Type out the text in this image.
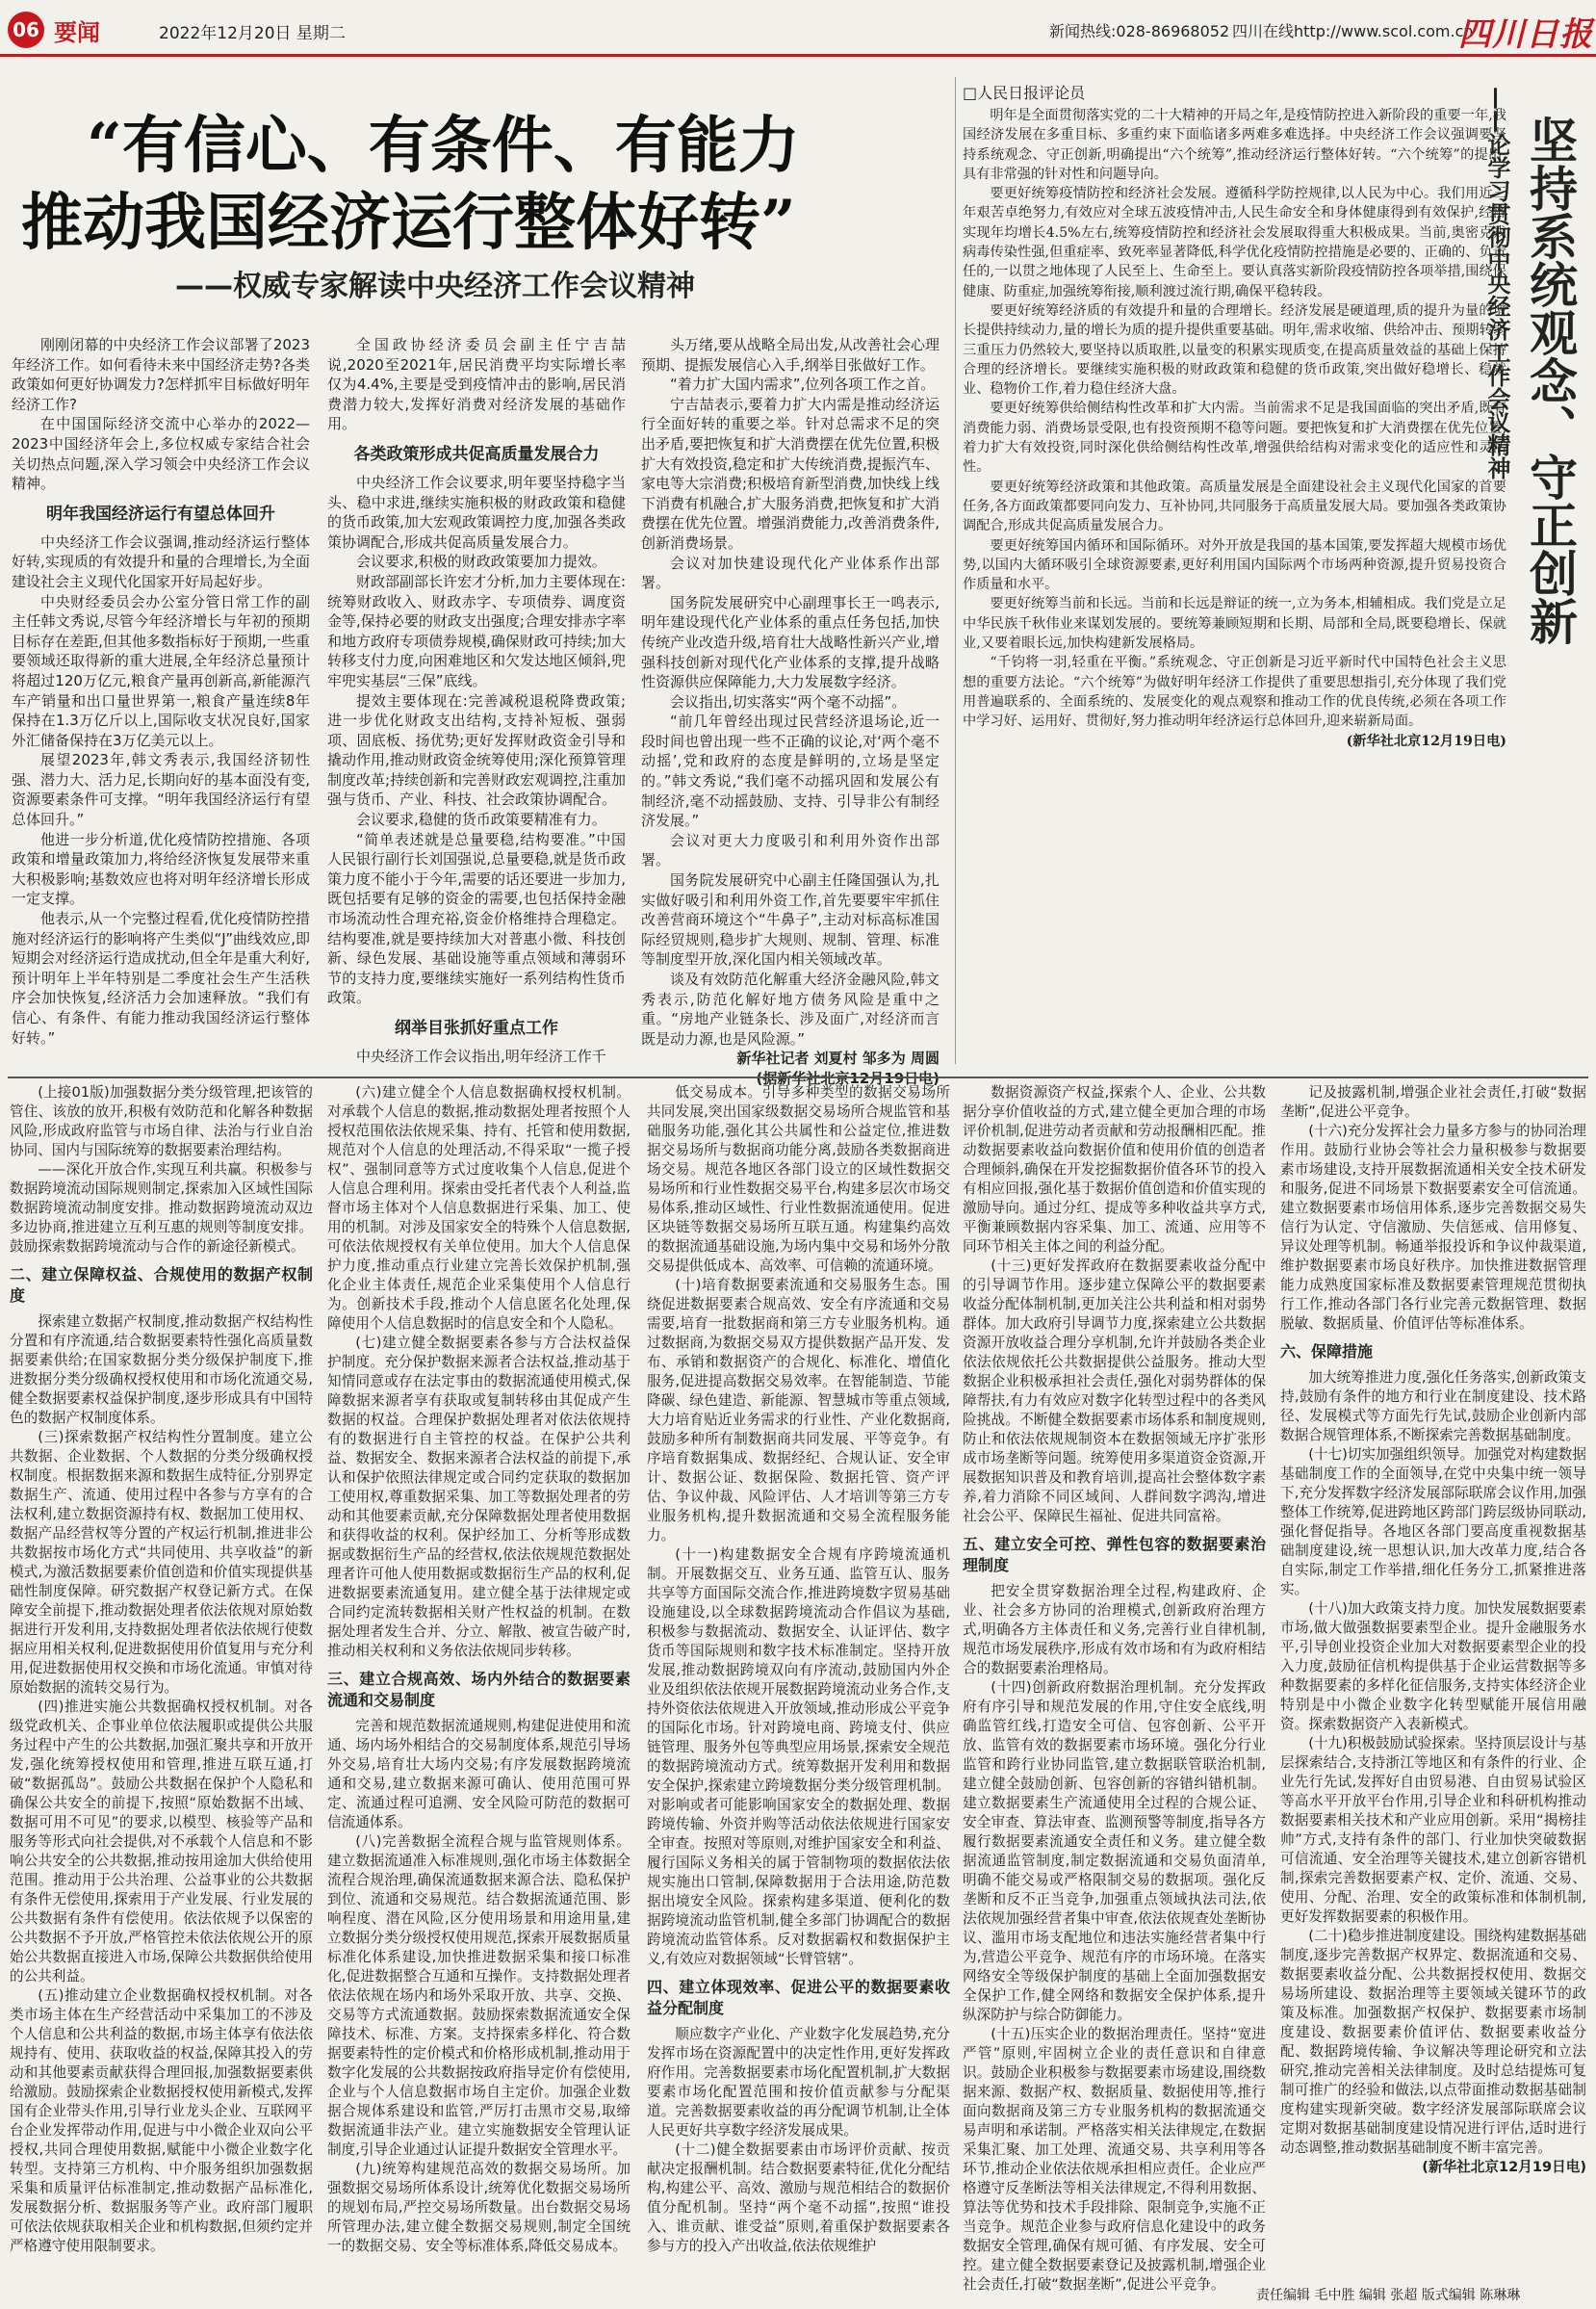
06 要闻	2022年12月20日 星期二	新闻热线:028-86968052 四川在线http://www.scol.com.cn
四川日报
“有信心、有条件、有能力
推动我国经济运行整体好转”
——权威专家解读中央经济工作会议精神

刚刚闭幕的中央经济工作会议部署了2023年经济工作。如何看待未来中国经济走势?各类政策如何更好协调发力?怎样抓牢目标做好明年经济工作?

在中国国际经济交流中心举办的2022—2023中国经济年会上,多位权威专家结合社会关切热点问题,深入学习领会中央经济工作会议精神。

明年我国经济运行有望总体回升

中央经济工作会议强调,推动经济运行整体好转,实现质的有效提升和量的合理增长,为全面建设社会主义现代化国家开好局起好步。

中央财经委员会办公室分管日常工作的副主任韩文秀说,尽管今年经济增长与年初的预期目标存在差距,但其他多数指标好于预期,一些重要领域还取得新的重大进展,全年经济总量预计将超过120万亿元,粮食产量再创新高,新能源汽车产销量和出口量世界第一,粮食产量连续8年保持在1.3万亿斤以上,国际收支状况良好,国家外汇储备保持在3万亿美元以上。

展望2023年,韩文秀表示,我国经济韧性强、潜力大、活力足,长期向好的基本面没有变,资源要素条件可支撑。“明年我国经济运行有望总体回升。”

他进一步分析道,优化疫情防控措施、各项政策和增量政策加力,将给经济恢复发展带来重大积极影响;基数效应也将对明年经济增长形成一定支撑。

他表示,从一个完整过程看,优化疫情防控措施对经济运行的影响将产生类似“J”曲线效应,即短期会对经济运行造成扰动,但全年是重大利好,预计明年上半年特别是二季度社会生产生活秩序会加快恢复,经济活力会加速释放。“我们有信心、有条件、有能力推动我国经济运行整体好转。”

全国政协经济委员会副主任宁吉喆说,2020至2021年,居民消费平均实际增长率仅为4.4%,主要是受到疫情冲击的影响,居民消费潜力较大,发挥好消费对经济发展的基础作用。

各类政策形成共促高质量发展合力

中央经济工作会议要求,明年要坚持稳字当头、稳中求进,继续实施积极的财政政策和稳健的货币政策,加大宏观政策调控力度,加强各类政策协调配合,形成共促高质量发展合力。

会议要求,积极的财政政策要加力提效。

财政部副部长许宏才分析,加力主要体现在:统筹财政收入、财政赤字、专项债券、调度资金等,保持必要的财政支出强度;合理安排赤字率和地方政府专项债券规模,确保财政可持续;加大转移支付力度,向困难地区和欠发达地区倾斜,兜牢兜实基层“三保”底线。

提效主要体现在:完善减税退税降费政策;进一步优化财政支出结构,支持补短板、强弱项、固底板、扬优势;更好发挥财政资金引导和撬动作用,推动财政资金统筹使用;深化预算管理制度改革;持续创新和完善财政宏观调控,注重加强与货币、产业、科技、社会政策协调配合。

会议要求,稳健的货币政策要精准有力。

“简单表述就是总量要稳,结构要准。”中国人民银行副行长刘国强说,总量要稳,就是货币政策力度不能小于今年,需要的话还要进一步加力,既包括要有足够的资金的需要,也包括保持金融市场流动性合理充裕,资金价格维持合理稳定。结构要准,就是要持续加大对普惠小微、科技创新、绿色发展、基础设施等重点领域和薄弱环节的支持力度,要继续实施好一系列结构性货币政策。

纲举目张抓好重点工作

中央经济工作会议指出,明年经济工作千

头万绪,要从战略全局出发,从改善社会心理预期、提振发展信心入手,纲举目张做好工作。

“着力扩大国内需求”,位列各项工作之首。

宁吉喆表示,要着力扩大内需是推动经济运行全面好转的重要之举。针对总需求不足的突出矛盾,要把恢复和扩大消费摆在优先位置,积极扩大有效投资,稳定和扩大传统消费,提振汽车、家电等大宗消费;积极培育新型消费,加快线上线下消费有机融合,扩大服务消费,把恢复和扩大消费摆在优先位置。增强消费能力,改善消费条件,创新消费场景。

会议对加快建设现代化产业体系作出部署。

国务院发展研究中心副理事长王一鸣表示,明年建设现代化产业体系的重点任务包括,加快传统产业改造升级,培育壮大战略性新兴产业,增强科技创新对现代化产业体系的支撑,提升战略性资源供应保障能力,大力发展数字经济。

会议指出,切实落实“两个毫不动摇”。

“前几年曾经出现过民营经济退场论,近一段时间也曾出现一些不正确的议论,对‘两个毫不动摇’,党和政府的态度是鲜明的,立场是坚定的。”韩文秀说,“我们毫不动摇巩固和发展公有制经济,毫不动摇鼓励、支持、引导非公有制经济发展。”

会议对更大力度吸引和利用外资作出部署。

国务院发展研究中心副主任隆国强认为,扎实做好吸引和利用外资工作,首先要要牢牢抓住改善营商环境这个“牛鼻子”,主动对标高标准国际经贸规则,稳步扩大规则、规制、管理、标准等制度型开放,深化国内相关领域改革。

谈及有效防范化解重大经济金融风险,韩文秀表示,防范化解好地方债务风险是重中之重。“房地产业链条长、涉及面广,对经济而言既是动力源,也是风险源。”

新华社记者 刘夏村 邹多为 周圆

□人民日报评论员

明年是全面贯彻落实党的二十大精神的开局之年,是疫情防控进入新阶段的重要一年,我国经济发展在多重目标、多重约束下面临诸多两难多难选择。中央经济工作会议强调要坚持系统观念、守正创新,明确提出“六个统筹”,推动经济运行整体好转。“六个统筹”的提出,具有非常强的针对性和问题导向。

要更好统筹疫情防控和经济社会发展。遵循科学防控规律,以人民为中心。我们用近三年艰苦卓绝努力,有效应对全球五波疫情冲击,人民生命安全和身体健康得到有效保护,经济实现年均增长4.5%左右,统筹疫情防控和经济社会发展取得重大积极成果。当前,奥密克戎病毒传染性强,但重症率、致死率显著降低,科学优化疫情防控措施是必要的、正确的、负责任的,一以贯之地体现了人民至上、生命至上。要认真落实新阶段疫情防控各项举措,围绕保健康、防重症,加强统筹衔接,顺利渡过流行期,确保平稳转段。

要更好统筹经济质的有效提升和量的合理增长。经济发展是硬道理,质的提升为量的增长提供持续动力,量的增长为质的提升提供重要基础。明年,需求收缩、供给冲击、预期转弱三重压力仍然较大,要坚持以质取胜,以量变的积累实现质变,在提高质量效益的基础上保持合理的经济增长。要继续实施积极的财政政策和稳健的货币政策,突出做好稳增长、稳就业、稳物价工作,着力稳住经济大盘。

要更好统筹供给侧结构性改革和扩大内需。当前需求不足是我国面临的突出矛盾,既有消费能力弱、消费场景受限,也有投资预期不稳等问题。要把恢复和扩大消费摆在优先位置,着力扩大有效投资,同时深化供给侧结构性改革,增强供给结构对需求变化的适应性和灵活性。

要更好统筹经济政策和其他政策。高质量发展是全面建设社会主义现代化国家的首要任务,各方面政策都要同向发力、互补协同,共同服务于高质量发展大局。要加强各类政策协调配合,形成共促高质量发展合力。

要更好统筹国内循环和国际循环。对外开放是我国的基本国策,要发挥超大规模市场优势,以国内大循环吸引全球资源要素,更好利用国内国际两个市场两种资源,提升贸易投资合作质量和水平。

要更好统筹当前和长远。当前和长远是辩证的统一,立为务本,相辅相成。我们党是立足中华民族千秋伟业来谋划发展的。要统筹兼顾短期和长期、局部和全局,既要稳增长、保就业,又要着眼长远,加快构建新发展格局。

“千钧将一羽,轻重在平衡。”系统观念、守正创新是习近平新时代中国特色社会主义思想的重要方法论。“六个统筹”为做好明年经济工作提供了重要思想指引,充分体现了我们党用普遍联系的、全面系统的、发展变化的观点观察和推动工作的优良传统,必须在各项工作中学习好、运用好、贯彻好,努力推动明年经济运行总体回升,迎来崭新局面。

(新华社北京12月19日电)

坚持系统观念、守正创新
——论学习贯彻中央经济工作会议精神

(上接01版)加强数据分类分级管理,把该管的管住、该放的放开,积极有效防范和化解各种数据风险,形成政府监管与市场自律、法治与行业自治协同、国内与国际统筹的数据要素治理结构。

——深化开放合作,实现互利共赢。积极参与数据跨境流动国际规则制定,探索加入区域性国际数据跨境流动制度安排。推动数据跨境流动双边多边协商,推进建立互利互惠的规则等制度安排。鼓励探索数据跨境流动与合作的新途径新模式。

二、建立保障权益、合规使用的数据产权制度

探索建立数据产权制度,推动数据产权结构性分置和有序流通,结合数据要素特性强化高质量数据要素供给;在国家数据分类分级保护制度下,推进数据分类分级确权授权使用和市场化流通交易,健全数据要素权益保护制度,逐步形成具有中国特色的数据产权制度体系。

(三)探索数据产权结构性分置制度。建立公共数据、企业数据、个人数据的分类分级确权授权制度。根据数据来源和数据生成特征,分别界定数据生产、流通、使用过程中各参与方享有的合法权利,建立数据资源持有权、数据加工使用权、数据产品经营权等分置的产权运行机制,推进非公共数据按市场化方式“共同使用、共享收益”的新模式,为激活数据要素价值创造和价值实现提供基础性制度保障。研究数据产权登记新方式。在保障安全前提下,推动数据处理者依法依规对原始数据进行开发利用,支持数据处理者依法依规行使数据应用相关权利,促进数据使用价值复用与充分利用,促进数据使用权交换和市场化流通。审慎对待原始数据的流转交易行为。

(四)推进实施公共数据确权授权机制。对各级党政机关、企事业单位依法履职或提供公共服务过程中产生的公共数据,加强汇聚共享和开放开发,强化统筹授权使用和管理,推进互联互通,打破“数据孤岛”。鼓励公共数据在保护个人隐私和确保公共安全的前提下,按照“原始数据不出域、数据可用不可见”的要求,以模型、核验等产品和服务等形式向社会提供,对不承载个人信息和不影响公共安全的公共数据,推动按用途加大供给使用范围。推动用于公共治理、公益事业的公共数据有条件无偿使用,探索用于产业发展、行业发展的公共数据有条件有偿使用。依法依规予以保密的公共数据不予开放,严格管控未依法依规公开的原始公共数据直接进入市场,保障公共数据供给使用的公共利益。

(五)推动建立企业数据确权授权机制。对各类市场主体在生产经营活动中采集加工的不涉及个人信息和公共利益的数据,市场主体享有依法依规持有、使用、获取收益的权益,保障其投入的劳动和其他要素贡献获得合理回报,加强数据要素供给激励。鼓励探索企业数据授权使用新模式,发挥国有企业带头作用,引导行业龙头企业、互联网平台企业发挥带动作用,促进与中小微企业双向公平授权,共同合理使用数据,赋能中小微企业数字化转型。支持第三方机构、中介服务组织加强数据采集和质量评估标准制定,推动数据产品标准化,发展数据分析、数据服务等产业。政府部门履职可依法依规获取相关企业和机构数据,但须约定并严格遵守使用限制要求。

(六)建立健全个人信息数据确权授权机制。对承载个人信息的数据,推动数据处理者按照个人授权范围依法依规采集、持有、托管和使用数据,规范对个人信息的处理活动,不得采取“一揽子授权”、强制同意等方式过度收集个人信息,促进个人信息合理利用。探索由受托者代表个人利益,监督市场主体对个人信息数据进行采集、加工、使用的机制。对涉及国家安全的特殊个人信息数据,可依法依规授权有关单位使用。加大个人信息保护力度,推动重点行业建立完善长效保护机制,强化企业主体责任,规范企业采集使用个人信息行为。创新技术手段,推动个人信息匿名化处理,保障使用个人信息数据时的信息安全和个人隐私。

(七)建立健全数据要素各参与方合法权益保护制度。充分保护数据来源者合法权益,推动基于知情同意或存在法定事由的数据流通使用模式,保障数据来源者享有获取或复制转移由其促成产生数据的权益。合理保护数据处理者对依法依规持有的数据进行自主管控的权益。在保护公共利益、数据安全、数据来源者合法权益的前提下,承认和保护依照法律规定或合同约定获取的数据加工使用权,尊重数据采集、加工等数据处理者的劳动和其他要素贡献,充分保障数据处理者使用数据和获得收益的权利。保护经加工、分析等形成数据或数据衍生产品的经营权,依法依规规范数据处理者许可他人使用数据或数据衍生产品的权利,促进数据要素流通复用。建立健全基于法律规定或合同约定流转数据相关财产性权益的机制。在数据处理者发生合并、分立、解散、被宣告破产时,推动相关权利和义务依法依规同步转移。

三、建立合规高效、场内外结合的数据要素流通和交易制度

完善和规范数据流通规则,构建促进使用和流通、场内场外相结合的交易制度体系,规范引导场外交易,培育壮大场内交易;有序发展数据跨境流通和交易,建立数据来源可确认、使用范围可界定、流通过程可追溯、安全风险可防范的数据可信流通体系。

(八)完善数据全流程合规与监管规则体系。建立数据流通准入标准规则,强化市场主体数据全流程合规治理,确保流通数据来源合法、隐私保护到位、流通和交易规范。结合数据流通范围、影响程度、潜在风险,区分使用场景和用途用量,建立数据分类分级授权使用规范,探索开展数据质量标准化体系建设,加快推进数据采集和接口标准化,促进数据整合互通和互操作。支持数据处理者依法依规在场内和场外采取开放、共享、交换、交易等方式流通数据。鼓励探索数据流通安全保障技术、标准、方案。支持探索多样化、符合数据要素特性的定价模式和价格形成机制,推动用于数字化发展的公共数据按政府指导定价有偿使用,企业与个人信息数据市场自主定价。加强企业数据合规体系建设和监管,严厉打击黑市交易,取缔数据流通非法产业。建立实施数据安全管理认证制度,引导企业通过认证提升数据安全管理水平。

(九)统筹构建规范高效的数据交易场所。加强数据交易场所体系设计,统筹优化数据交易场所的规划布局,严控交易场所数量。出台数据交易场所管理办法,建立健全数据交易规则,制定全国统一的数据交易、安全等标准体系,降低交易成本。

低交易成本。引导多种类型的数据交易场所共同发展,突出国家级数据交易场所合规监管和基础服务功能,强化其公共属性和公益定位,推进数据交易场所与数据商功能分离,鼓励各类数据商进场交易。规范各地区各部门设立的区域性数据交易场所和行业性数据交易平台,构建多层次市场交易体系,推动区域性、行业性数据流通使用。促进区块链等数据交易场所互联互通。构建集约高效的数据流通基础设施,为场内集中交易和场外分散交易提供低成本、高效率、可信赖的流通环境。

(十)培育数据要素流通和交易服务生态。围绕促进数据要素合规高效、安全有序流通和交易需要,培育一批数据商和第三方专业服务机构。通过数据商,为数据交易双方提供数据产品开发、发布、承销和数据资产的合规化、标准化、增值化服务,促进提高数据交易效率。在智能制造、节能降碳、绿色建造、新能源、智慧城市等重点领域,大力培育贴近业务需求的行业性、产业化数据商,鼓励多种所有制数据商共同发展、平等竞争。有序培育数据集成、数据经纪、合规认证、安全审计、数据公证、数据保险、数据托管、资产评估、争议仲裁、风险评估、人才培训等第三方专业服务机构,提升数据流通和交易全流程服务能力。

(十一)构建数据安全合规有序跨境流通机制。开展数据交互、业务互通、监管互认、服务共享等方面国际交流合作,推进跨境数字贸易基础设施建设,以全球数据跨境流动合作倡议为基础,积极参与数据流动、数据安全、认证评估、数字货币等国际规则和数字技术标准制定。坚持开放发展,推动数据跨境双向有序流动,鼓励国内外企业及组织依法依规开展数据跨境流动业务合作,支持外资依法依规进入开放领域,推动形成公平竞争的国际化市场。针对跨境电商、跨境支付、供应链管理、服务外包等典型应用场景,探索安全规范的数据跨境流动方式。统筹数据开发利用和数据安全保护,探索建立跨境数据分类分级管理机制。对影响或者可能影响国家安全的数据处理、数据跨境传输、外资并购等活动依法依规进行国家安全审查。按照对等原则,对维护国家安全和利益、履行国际义务相关的属于管制物项的数据依法依规实施出口管制,保障数据用于合法用途,防范数据出境安全风险。探索构建多渠道、便利化的数据跨境流动监管机制,健全多部门协调配合的数据跨境流动监管体系。反对数据霸权和数据保护主义,有效应对数据领域“长臂管辖”。

四、建立体现效率、促进公平的数据要素收益分配制度

顺应数字产业化、产业数字化发展趋势,充分发挥市场在资源配置中的决定性作用,更好发挥政府作用。完善数据要素市场化配置机制,扩大数据要素市场化配置范围和按价值贡献参与分配渠道。完善数据要素收益的再分配调节机制,让全体人民更好共享数字经济发展成果。

(十二)健全数据要素由市场评价贡献、按贡献决定报酬机制。结合数据要素特征,优化分配结构,构建公平、高效、激励与规范相结合的数据价值分配机制。坚持“两个毫不动摇”,按照“谁投入、谁贡献、谁受益”原则,着重保护数据要素各参与方的投入产出收益,依法依规维护

数据资源资产权益,探索个人、企业、公共数据分享价值收益的方式,建立健全更加合理的市场评价机制,促进劳动者贡献和劳动报酬相匹配。推动数据要素收益向数据价值和使用价值的创造者合理倾斜,确保在开发挖掘数据价值各环节的投入有相应回报,强化基于数据价值创造和价值实现的激励导向。通过分红、提成等多种收益共享方式,平衡兼顾数据内容采集、加工、流通、应用等不同环节相关主体之间的利益分配。

(十三)更好发挥政府在数据要素收益分配中的引导调节作用。逐步建立保障公平的数据要素收益分配体制机制,更加关注公共利益和相对弱势群体。加大政府引导调节力度,探索建立公共数据资源开放收益合理分享机制,允许并鼓励各类企业依法依规依托公共数据提供公益服务。推动大型数据企业积极承担社会责任,强化对弱势群体的保障帮扶,有力有效应对数字化转型过程中的各类风险挑战。不断健全数据要素市场体系和制度规则,防止和依法依规规制资本在数据领域无序扩张形成市场垄断等问题。统筹使用多渠道资金资源,开展数据知识普及和教育培训,提高社会整体数字素养,着力消除不同区域间、人群间数字鸿沟,增进社会公平、保障民生福祉、促进共同富裕。

五、建立安全可控、弹性包容的数据要素治理制度

把安全贯穿数据治理全过程,构建政府、企业、社会多方协同的治理模式,创新政府治理方式,明确各方主体责任和义务,完善行业自律机制,规范市场发展秩序,形成有效市场和有为政府相结合的数据要素治理格局。

(十四)创新政府数据治理机制。充分发挥政府有序引导和规范发展的作用,守住安全底线,明确监管红线,打造安全可信、包容创新、公平开放、监管有效的数据要素市场环境。强化分行业监管和跨行业协同监管,建立数据联管联治机制,建立健全鼓励创新、包容创新的容错纠错机制。建立数据要素生产流通使用全过程的合规公证、安全审查、算法审查、监测预警等制度,指导各方履行数据要素流通安全责任和义务。建立健全数据流通监管制度,制定数据流通和交易负面清单,明确不能交易或严格限制交易的数据项。强化反垄断和反不正当竞争,加强重点领域执法司法,依法依规加强经营者集中审查,依法依规查处垄断协议、滥用市场支配地位和违法实施经营者集中行为,营造公平竞争、规范有序的市场环境。在落实网络安全等级保护制度的基础上全面加强数据安全保护工作,健全网络和数据安全保护体系,提升纵深防护与综合防御能力。

(十五)压实企业的数据治理责任。坚持“宽进严管”原则,牢固树立企业的责任意识和自律意识。鼓励企业积极参与数据要素市场建设,围绕数据来源、数据产权、数据质量、数据使用等,推行面向数据商及第三方专业服务机构的数据流通交易声明和承诺制。严格落实相关法律规定,在数据采集汇聚、加工处理、流通交易、共享利用等各环节,推动企业依法依规承担相应责任。企业应严格遵守反垄断法等相关法律规定,不得利用数据、算法等优势和技术手段排除、限制竞争,实施不正当竞争。规范企业参与政府信息化建设中的政务数据安全管理,确保有规可循、有序发展、安全可控。建立健全数据要素登记及披露机制,增强企业社会责任,打破“数据垄断”,促进公平竞争。

记及披露机制,增强企业社会责任,打破“数据垄断”,促进公平竞争。

(十六)充分发挥社会力量多方参与的协同治理作用。鼓励行业协会等社会力量积极参与数据要素市场建设,支持开展数据流通相关安全技术研发和服务,促进不同场景下数据要素安全可信流通。建立数据要素市场信用体系,逐步完善数据交易失信行为认定、守信激励、失信惩戒、信用修复、异议处理等机制。畅通举报投诉和争议仲裁渠道,维护数据要素市场良好秩序。加快推进数据管理能力成熟度国家标准及数据要素管理规范贯彻执行工作,推动各部门各行业完善元数据管理、数据脱敏、数据质量、价值评估等标准体系。

六、保障措施

加大统筹推进力度,强化任务落实,创新政策支持,鼓励有条件的地方和行业在制度建设、技术路径、发展模式等方面先行先试,鼓励企业创新内部数据合规管理体系,不断探索完善数据基础制度。

(十七)切实加强组织领导。加强党对构建数据基础制度工作的全面领导,在党中央集中统一领导下,充分发挥数字经济发展部际联席会议作用,加强整体工作统筹,促进跨地区跨部门跨层级协同联动,强化督促指导。各地区各部门要高度重视数据基础制度建设,统一思想认识,加大改革力度,结合各自实际,制定工作举措,细化任务分工,抓紧推进落实。

(十八)加大政策支持力度。加快发展数据要素市场,做大做强数据要素型企业。提升金融服务水平,引导创业投资企业加大对数据要素型企业的投入力度,鼓励征信机构提供基于企业运营数据等多种数据要素的多样化征信服务,支持实体经济企业特别是中小微企业数字化转型赋能开展信用融资。探索数据资产入表新模式。

(十九)积极鼓励试验探索。坚持顶层设计与基层探索结合,支持浙江等地区和有条件的行业、企业先行先试,发挥好自由贸易港、自由贸易试验区等高水平开放平台作用,引导企业和科研机构推动数据要素相关技术和产业应用创新。采用“揭榜挂帅”方式,支持有条件的部门、行业加快突破数据可信流通、安全治理等关键技术,建立创新容错机制,探索完善数据要素产权、定价、流通、交易、使用、分配、治理、安全的政策标准和体制机制,更好发挥数据要素的积极作用。

(二十)稳步推进制度建设。围绕构建数据基础制度,逐步完善数据产权界定、数据流通和交易、数据要素收益分配、公共数据授权使用、数据交易场所建设、数据治理等主要领域关键环节的政策及标准。加强数据产权保护、数据要素市场制度建设、数据要素价值评估、数据要素收益分配、数据跨境传输、争议解决等理论研究和立法研究,推动完善相关法律制度。及时总结提炼可复制可推广的经验和做法,以点带面推动数据基础制度构建实现新突破。数字经济发展部际联席会议定期对数据基础制度建设情况进行评估,适时进行动态调整,推动数据基础制度不断丰富完善。

(新华社北京12月19日电)

责任编辑 毛中胜 编辑 张超 版式编辑 陈琳琳
